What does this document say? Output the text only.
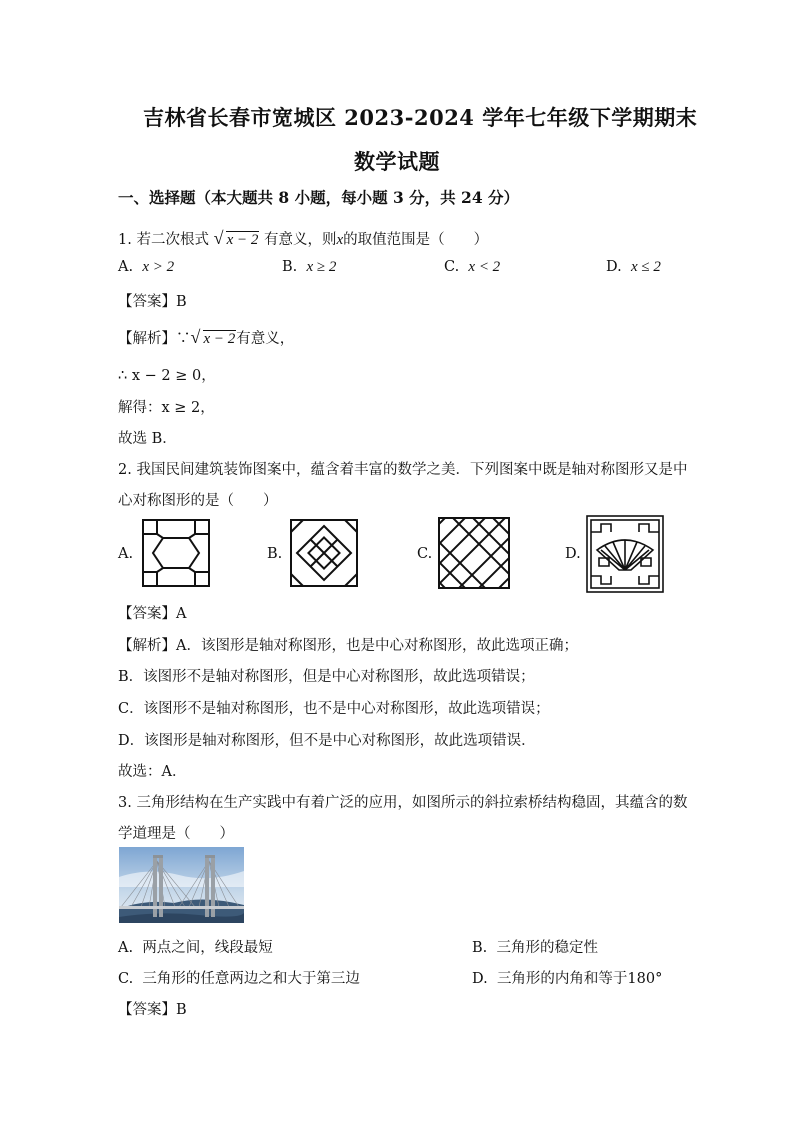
吉林省长春市宽城区 2023-2024 学年七年级下学期期末
数学试题
一、选择题（本大题共 8 小题，每小题 3 分，共 24 分）
1. 若二次根式 √ x − 2 有意义，则x的取值范围是（　　）
A. x > 2	B. x ≥ 2	C. x < 2	D. x ≤ 2
【答案】B
【解析】∵ √ x − 2有意义，
∴ x − 2 ≥ 0，
解得：x ≥ 2，
故选 B．
2. 我国民间建筑装饰图案中，蕴含着丰富的数学之美．下列图案中既是轴对称图形又是中
心对称图形的是（　　）
A.	B.	C.	D.
【答案】A
【解析】A．该图形是轴对称图形，也是中心对称图形，故此选项正确；
B．该图形不是轴对称图形，但是中心对称图形，故此选项错误；
C．该图形不是轴对称图形，也不是中心对称图形，故此选项错误；
D．该图形是轴对称图形，但不是中心对称图形，故此选项错误．
故选：A．
3. 三角形结构在生产实践中有着广泛的应用，如图所示的斜拉索桥结构稳固，其蕴含的数
学道理是（　　）
A. 两点之间，线段最短	B. 三角形的稳定性
C. 三角形的任意两边之和大于第三边	D. 三角形的内角和等于180°
【答案】B
